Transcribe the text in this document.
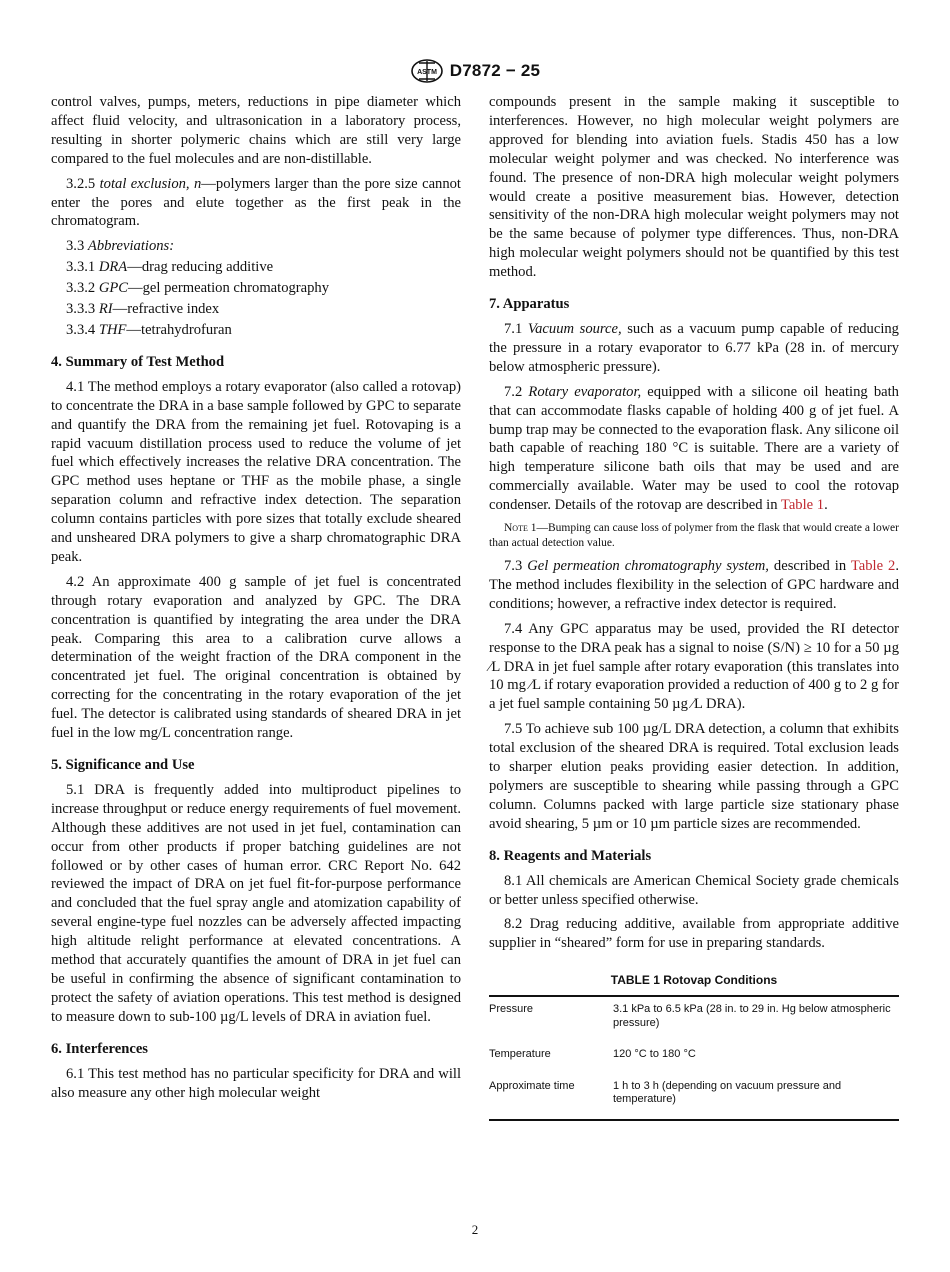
ASTM D7872 − 25

control valves, pumps, meters, reductions in pipe diameter which affect fluid velocity, and ultrasonication in a laboratory process, resulting in shorter polymeric chains which are still very large compared to the fuel molecules and are non-distillable.

3.2.5 total exclusion, n—polymers larger than the pore size cannot enter the pores and elute together as the first peak in the chromatogram.

3.3 Abbreviations:

3.3.1 DRA—drag reducing additive

3.3.2 GPC—gel permeation chromatography

3.3.3 RI—refractive index

3.3.4 THF—tetrahydrofuran

4. Summary of Test Method

4.1 The method employs a rotary evaporator (also called a rotovap) to concentrate the DRA in a base sample followed by GPC to separate and quantify the DRA from the remaining jet fuel. Rotovaping is a rapid vacuum distillation process used to reduce the volume of jet fuel which effectively increases the relative DRA concentration. The GPC method uses heptane or THF as the mobile phase, a single separation column and refractive index detection. The separation column contains particles with pore sizes that totally exclude sheared and unsheared DRA polymers to give a sharp chromatographic DRA peak.

4.2 An approximate 400 g sample of jet fuel is concentrated through rotary evaporation and analyzed by GPC. The DRA concentration is quantified by integrating the area under the DRA peak. Comparing this area to a calibration curve allows a determination of the weight fraction of the DRA component in the concentrated jet fuel. The original concentration is obtained by correcting for the concentrating in the rotary evaporation of the jet fuel. The detector is calibrated using standards of sheared DRA in jet fuel in the low mg/L concentration range.

5. Significance and Use

5.1 DRA is frequently added into multiproduct pipelines to increase throughput or reduce energy requirements of fuel movement. Although these additives are not used in jet fuel, contamination can occur from other products if proper batching guidelines are not followed or by other cases of human error. CRC Report No. 642 reviewed the impact of DRA on jet fuel fit-for-purpose performance and concluded that the fuel spray angle and atomization capability of several engine-type fuel nozzles can be adversely affected impacting high altitude relight performance at elevated concentrations. A method that accurately quantifies the amount of DRA in jet fuel can be useful in confirming the absence of significant contamination to protect the safety of aviation operations. This test method is designed to measure down to sub-100 µg/L levels of DRA in aviation fuel.

6. Interferences

6.1 This test method has no particular specificity for DRA and will also measure any other high molecular weight

compounds present in the sample making it susceptible to interferences. However, no high molecular weight polymers are approved for blending into aviation fuels. Stadis 450 has a low molecular weight polymer and was checked. No interference was found. The presence of non-DRA high molecular weight polymers would create a positive measurement bias. However, detection sensitivity of the non-DRA high molecular weight polymers may not be the same because of polymer type differences. Thus, non-DRA high molecular weight polymers should not be quantified by this test method.

7. Apparatus

7.1 Vacuum source, such as a vacuum pump capable of reducing the pressure in a rotary evaporator to 6.77 kPa (28 in. of mercury below atmospheric pressure).

7.2 Rotary evaporator, equipped with a silicone oil heating bath that can accommodate flasks capable of holding 400 g of jet fuel. A bump trap may be connected to the evaporation flask. Any silicone oil bath capable of reaching 180 °C is suitable. There are a variety of high temperature silicone bath oils that may be used and are commercially available. Water may be used to cool the rotovap condenser. Details of the rotovap are described in Table 1.

Note 1—Bumping can cause loss of polymer from the flask that would create a lower than actual detection value.

7.3 Gel permeation chromatography system, described in Table 2. The method includes flexibility in the selection of GPC hardware and conditions; however, a refractive index detector is required.

7.4 Any GPC apparatus may be used, provided the RI detector response to the DRA peak has a signal to noise (S/N) ≥ 10 for a 50 µg ⁄L DRA in jet fuel sample after rotary evaporation (this translates into 10 mg ⁄L if rotary evaporation provided a reduction of 400 g to 2 g for a jet fuel sample containing 50 µg ⁄L DRA).

7.5 To achieve sub 100 µg/L DRA detection, a column that exhibits total exclusion of the sheared DRA is required. Total exclusion leads to sharper elution peaks providing easier detection. In addition, polymers are susceptible to shearing while passing through a GPC column. Columns packed with large particle size stationary phase avoid shearing, 5 µm or 10 µm particle sizes are recommended.

8. Reagents and Materials

8.1 All chemicals are American Chemical Society grade chemicals or better unless specified otherwise.

8.2 Drag reducing additive, available from appropriate additive supplier in “sheared” form for use in preparing standards.

TABLE 1 Rotovap Conditions
Pressure	3.1 kPa to 6.5 kPa (28 in. to 29 in. Hg below atmospheric pressure)
Temperature	120 °C to 180 °C
Approximate time	1 h to 3 h (depending on vacuum pressure and temperature)
2
